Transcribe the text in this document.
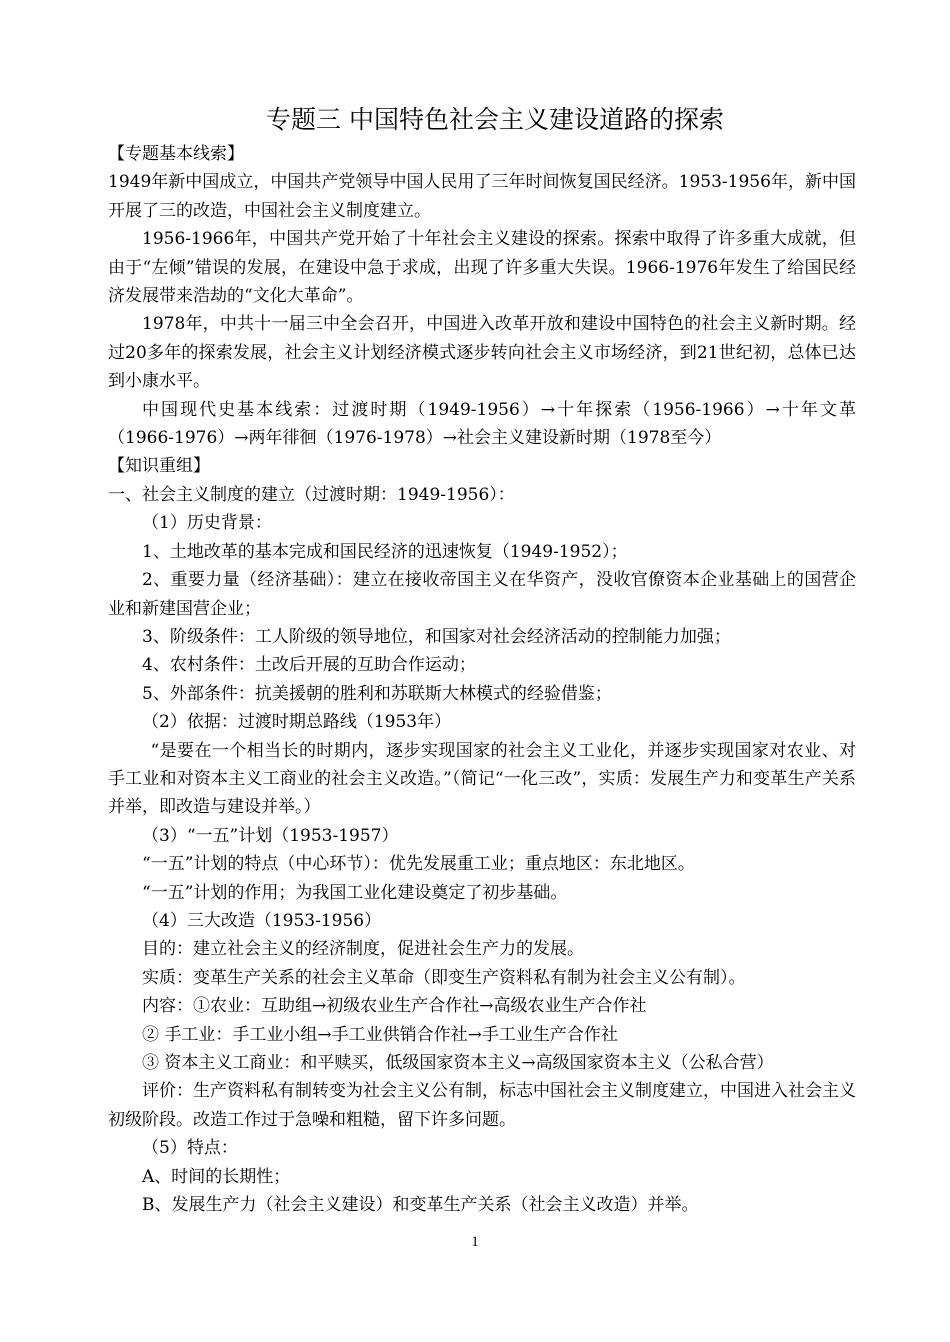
专题三 中国特色社会主义建设道路的探索

【专题基本线索】

1949年新中国成立，中国共产党领导中国人民用了三年时间恢复国民经济。1953-1956年，新中国开展了三的改造，中国社会主义制度建立。

1956-1966年，中国共产党开始了十年社会主义建设的探索。探索中取得了许多重大成就，但由于“左倾”错误的发展，在建设中急于求成，出现了许多重大失误。1966-1976年发生了给国民经济发展带来浩劫的“文化大革命”。

1978年，中共十一届三中全会召开，中国进入改革开放和建设中国特色的社会主义新时期。经过20多年的探索发展，社会主义计划经济模式逐步转向社会主义市场经济，到21世纪初，总体已达到小康水平。

中国现代史基本线索：过渡时期（1949-1956）→十年探索（1956-1966）→十年文革（1966-1976）→两年徘徊（1976-1978）→社会主义建设新时期（1978至今）

【知识重组】

一、社会主义制度的建立（过渡时期：1949-1956）：

（1）历史背景：

1、土地改革的基本完成和国民经济的迅速恢复（1949-1952）；

2、重要力量（经济基础）：建立在接收帝国主义在华资产，没收官僚资本企业基础上的国营企业和新建国营企业；

3、阶级条件：工人阶级的领导地位，和国家对社会经济活动的控制能力加强；

4、农村条件：土改后开展的互助合作运动；

5、外部条件：抗美援朝的胜利和苏联斯大林模式的经验借鉴；

（2）依据：过渡时期总路线（1953年）

“是要在一个相当长的时期内，逐步实现国家的社会主义工业化，并逐步实现国家对农业、对手工业和对资本主义工商业的社会主义改造。”（简记“一化三改”，实质：发展生产力和变革生产关系并举，即改造与建设并举。）

（3）“一五”计划（1953-1957）

“一五”计划的特点（中心环节）：优先发展重工业；重点地区：东北地区。

“一五”计划的作用；为我国工业化建设奠定了初步基础。

（4）三大改造（1953-1956）

目的：建立社会主义的经济制度，促进社会生产力的发展。

实质：变革生产关系的社会主义革命（即变生产资料私有制为社会主义公有制）。

内容：①农业：互助组→初级农业生产合作社→高级农业生产合作社

② 手工业：手工业小组→手工业供销合作社→手工业生产合作社

③ 资本主义工商业：和平赎买，低级国家资本主义→高级国家资本主义（公私合营）

评价：生产资料私有制转变为社会主义公有制，标志中国社会主义制度建立，中国进入社会主义初级阶段。改造工作过于急噪和粗糙，留下许多问题。

（5）特点：

A、时间的长期性；

B、发展生产力（社会主义建设）和变革生产关系（社会主义改造）并举。

1
